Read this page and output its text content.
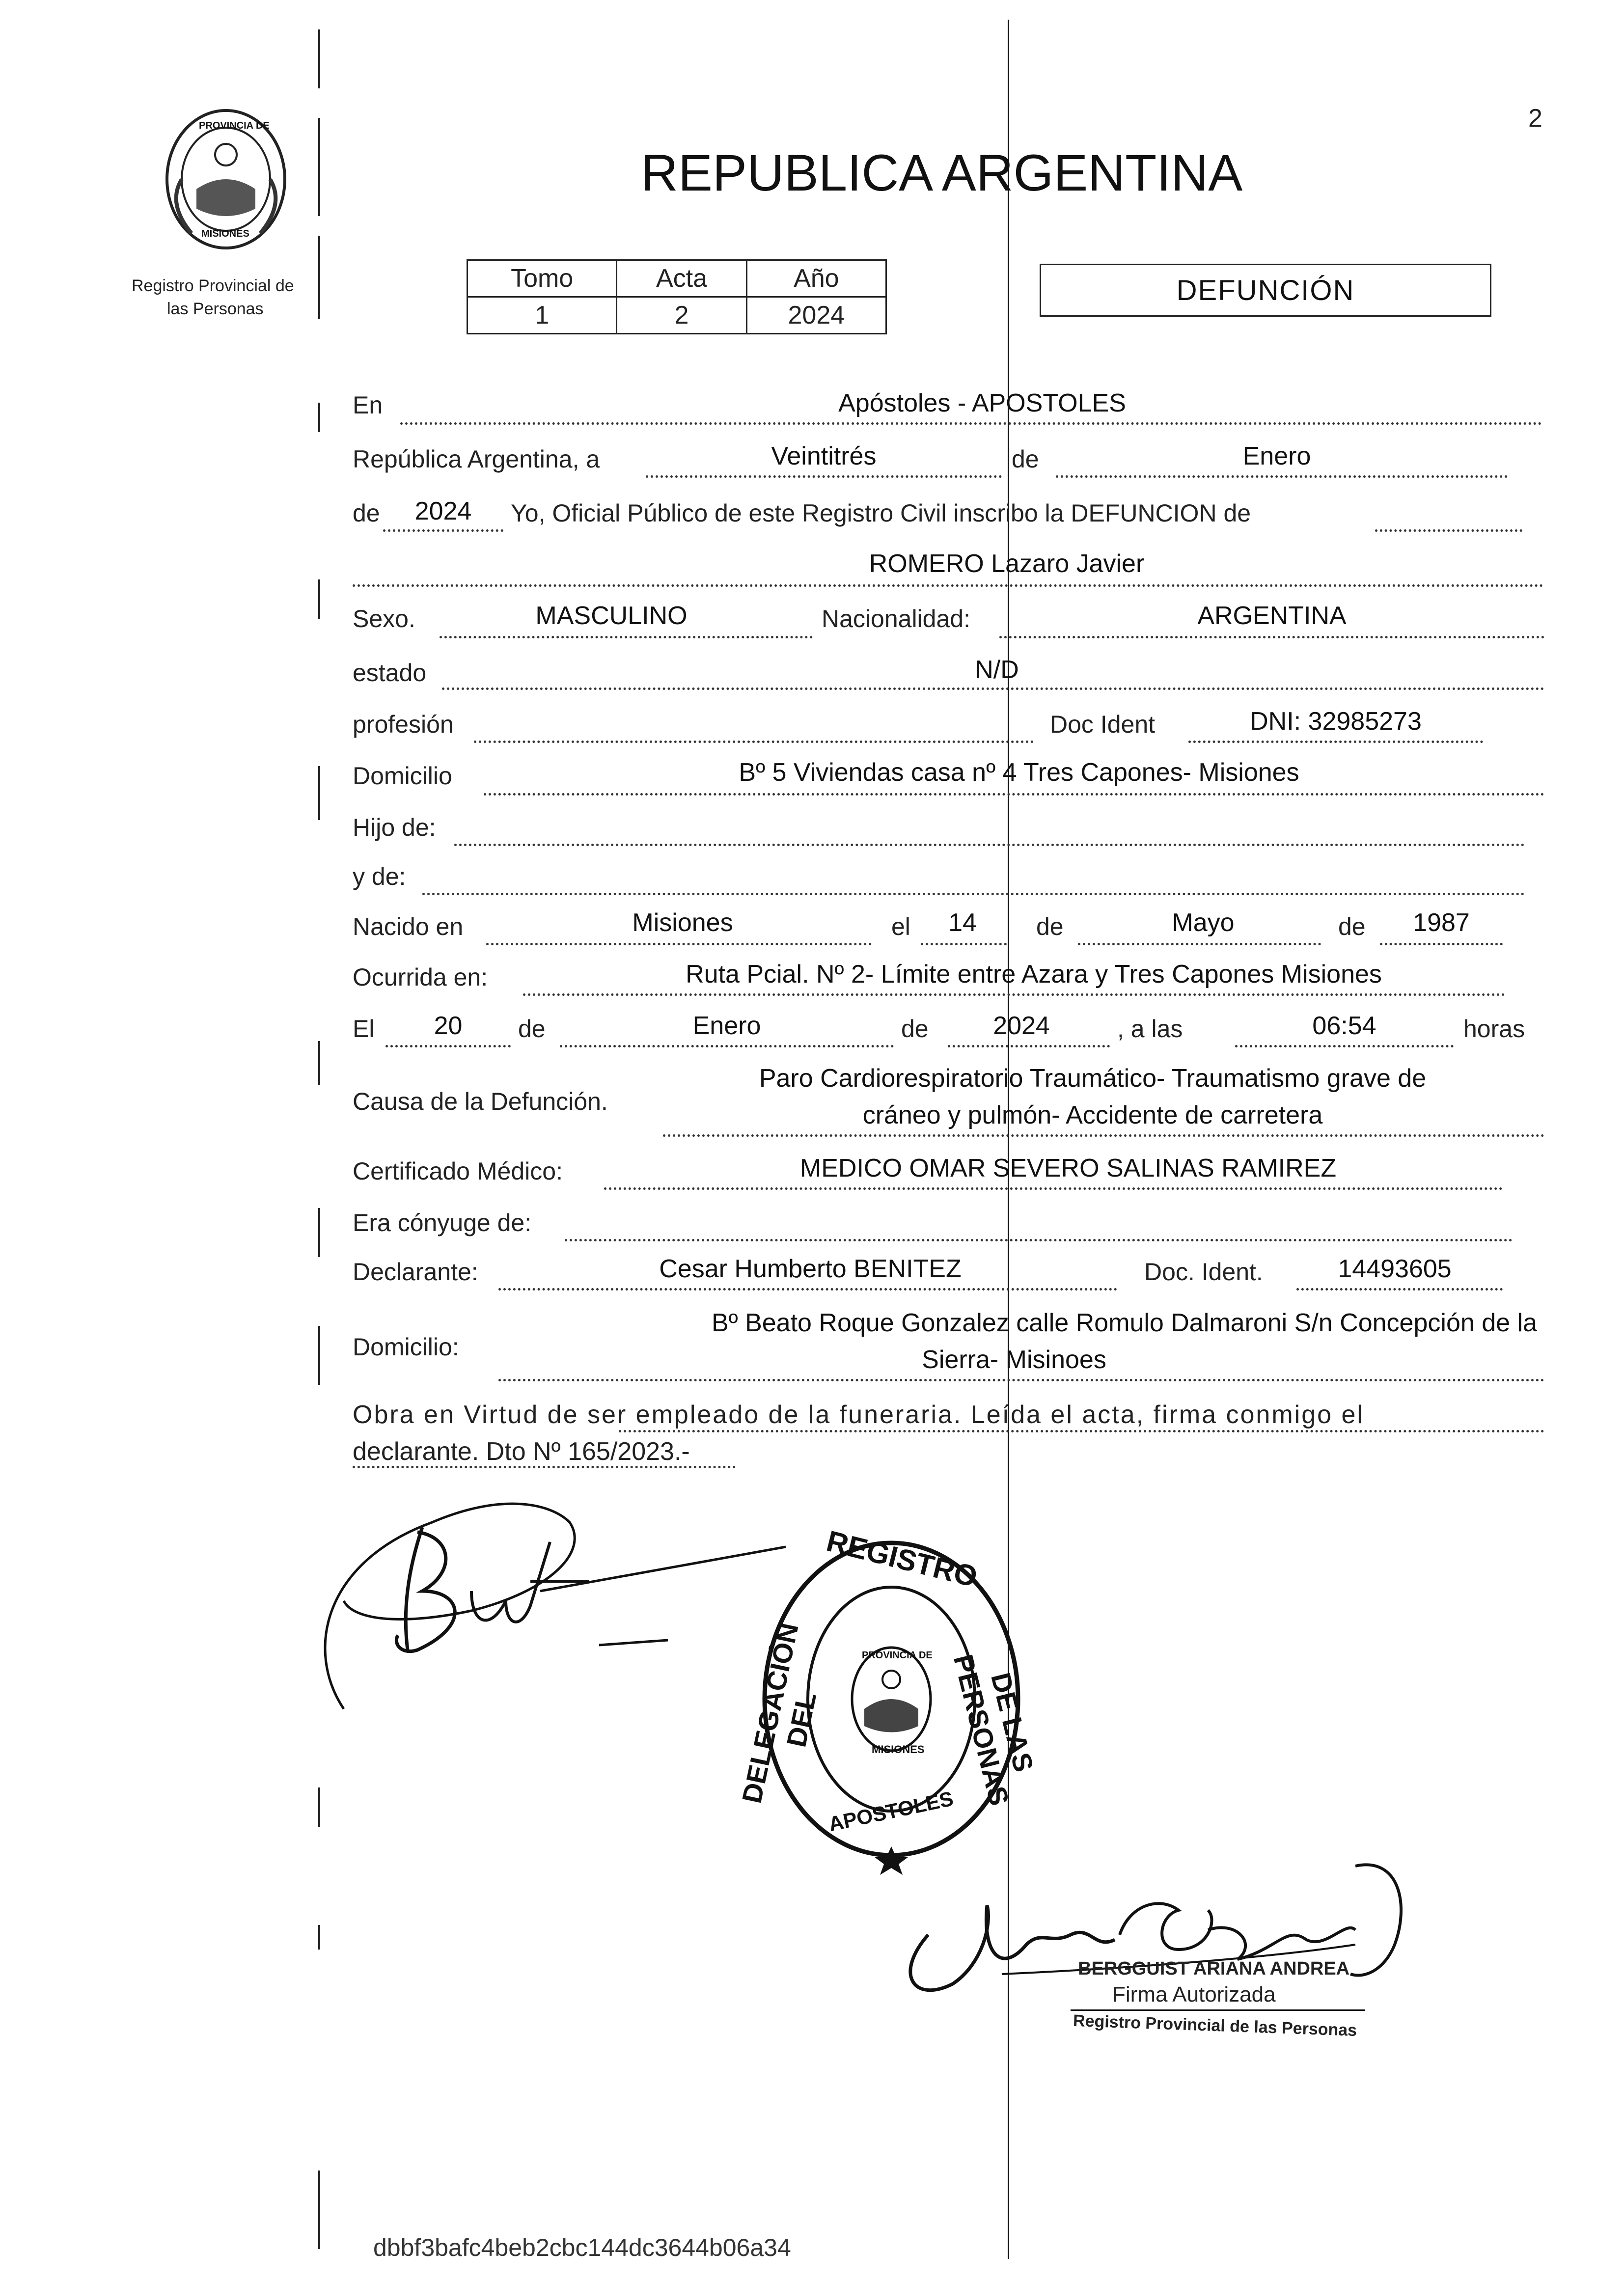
2
PROVINCIA DE
MISIONES
Registro Provincial de
las Personas
REPUBLICA ARGENTINA
Tomo	Acta	Año
1	2	2024
DEFUNCIÓN
En	Apóstoles - APOSTOLES
República Argentina, a	Veintitrés	de	Enero
de	2024	Yo, Oficial Público de este Registro Civil inscribo la DEFUNCION de
ROMERO Lazaro Javier
Sexo.	MASCULINO	Nacionalidad:	ARGENTINA
estado	N/D
profesión	Doc Ident	DNI: 32985273
Domicilio	Bº 5 Viviendas casa nº 4 Tres Capones- Misiones
Hijo de:
y de:
Nacido en	Misiones	el	14	de	Mayo	de	1987
Ocurrida en:	Ruta Pcial. Nº 2- Límite entre Azara y Tres Capones Misiones
El	20	de	Enero	de	2024	, a las	06:54	horas
Causa de la Defunción.
Paro Cardiorespiratorio Traumático- Traumatismo grave de
cráneo y pulmón- Accidente de carretera
Certificado Médico:	MEDICO OMAR SEVERO SALINAS RAMIREZ
Era cónyuge de:
Declarante:	Cesar Humberto BENITEZ	Doc. Ident.	14493605
Domicilio:
Bº Beato Roque Gonzalez calle Romulo Dalmaroni S/n Concepción de la
Sierra- Misinoes
Obra en Virtud de ser empleado de la funeraria. Leída el acta, firma conmigo el
declarante. Dto Nº 165/2023.-
REGISTRO
DELEGACIÓN DEL	DE LAS PERSONAS
APOSTOLES
PROVINCIA DE
MISIONES
BERGGUIST ARIANA ANDREA
Firma Autorizada
Registro Provincial de las Personas
dbbf3bafc4beb2cbc144dc3644b06a34
